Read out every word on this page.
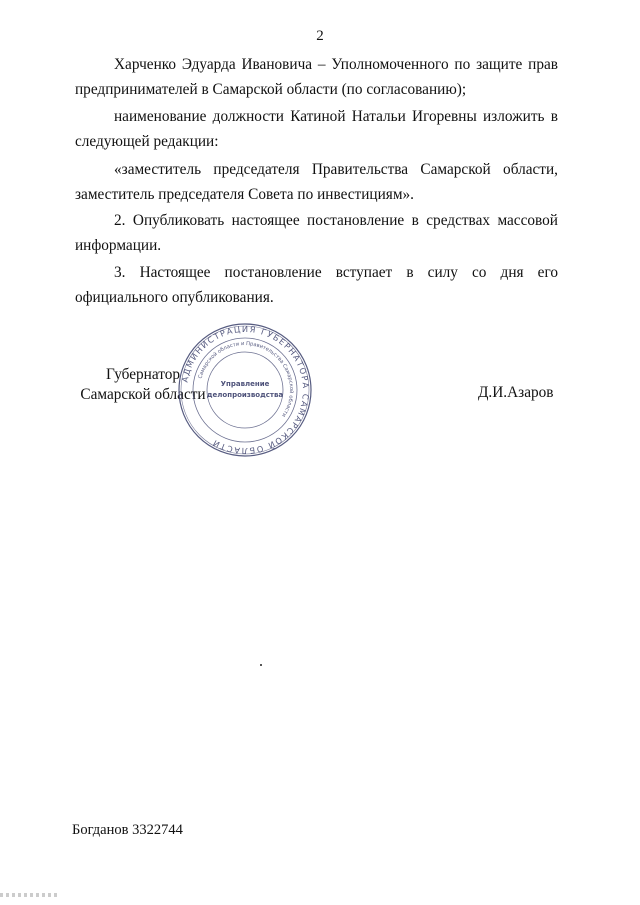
2
Харченко Эдуарда Ивановича – Уполномоченного по защите прав
предпринимателей в Самарской области (по согласованию);
наименование должности Катиной Натальи Игоревны изложить в
следующей редакции:
«заместитель председателя Правительства Самарской области,
заместитель председателя Совета по инвестициям».
2. Опубликовать настоящее постановление в средствах массовой
информации.
3. Настоящее постановление вступает в силу со дня его
официального опубликования.
Губернатор
Самарской области
АДМИНИСТРАЦИЯ ГУБЕРНАТОРА САМАРСКОЙ ОБЛАСТИ
Самарской области и Правительства Самарской области
Управление
делопроизводства	Д.И.Азаров
Богданов 3322744
